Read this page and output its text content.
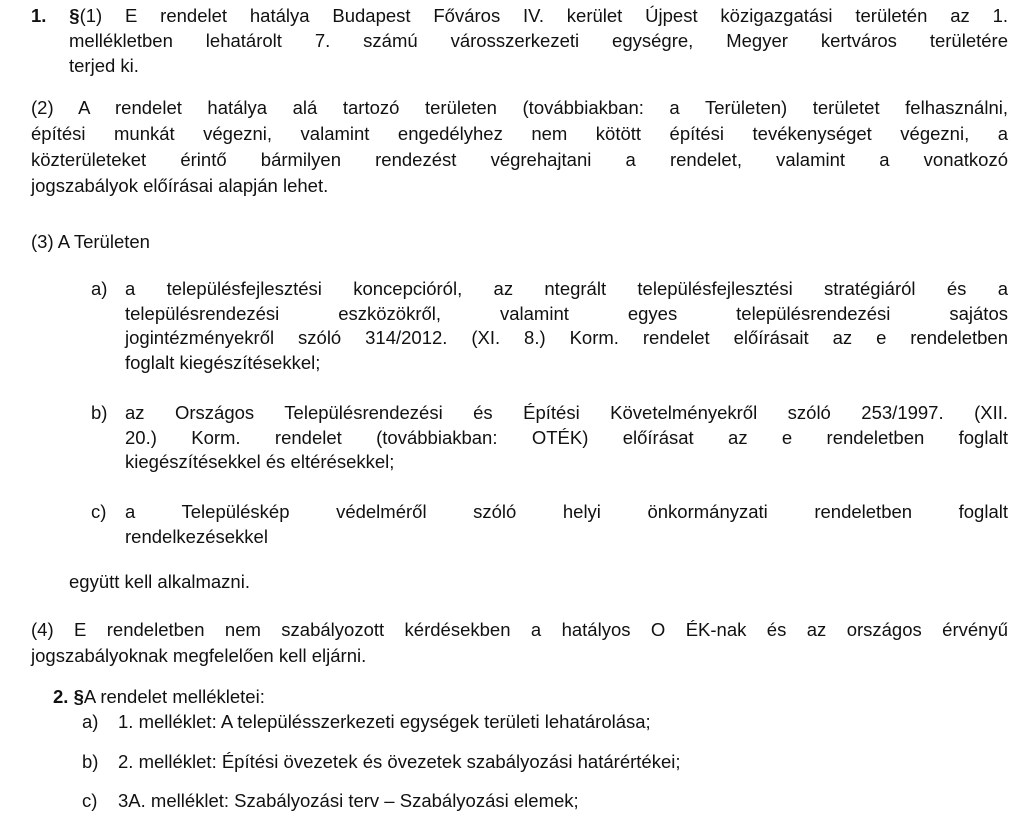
1. §(1) E rendelet hatálya Budapest Főváros IV. kerület Újpest közigazgatási területén az 1.
mellékletben lehatárolt 7. számú városszerkezeti egységre, Megyer kertváros területére
terjed ki.
(2) A rendelet hatálya alá tartozó területen (továbbiakban: a Területen) területet felhasználni,
építési munkát végezni, valamint engedélyhez nem kötött építési tevékenységet végezni, a
közterületeket érintő bármilyen rendezést végrehajtani a rendelet, valamint a vonatkozó
jogszabályok előírásai alapján lehet.
(3) A Területen
a) a településfejlesztési koncepcióról, az ntegrált településfejlesztési stratégiáról és a
településrendezési eszközökről, valamint egyes településrendezési sajátos
jogintézményekről szóló 314/2012. (XI. 8.) Korm. rendelet előírásait az e rendeletben
foglalt kiegészítésekkel;
b) az Országos Településrendezési és Építési Követelményekről szóló 253/1997. (XII.
20.) Korm. rendelet (továbbiakban: OTÉK) előírásat az e rendeletben foglalt
kiegészítésekkel és eltérésekkel;
c) a Településkép védelméről szóló helyi önkormányzati rendeletben foglalt
rendelkezésekkel
együtt kell alkalmazni.
(4) E rendeletben nem szabályozott kérdésekben a hatályos O ÉK-nak és az országos érvényű
jogszabályoknak megfelelően kell eljárni.
2. §A rendelet mellékletei:
a) 1. melléklet: A településszerkezeti egységek területi lehatárolása;
b) 2. melléklet: Építési övezetek és övezetek szabályozási határértékei;
c) 3A. melléklet: Szabályozási terv – Szabályozási elemek;
